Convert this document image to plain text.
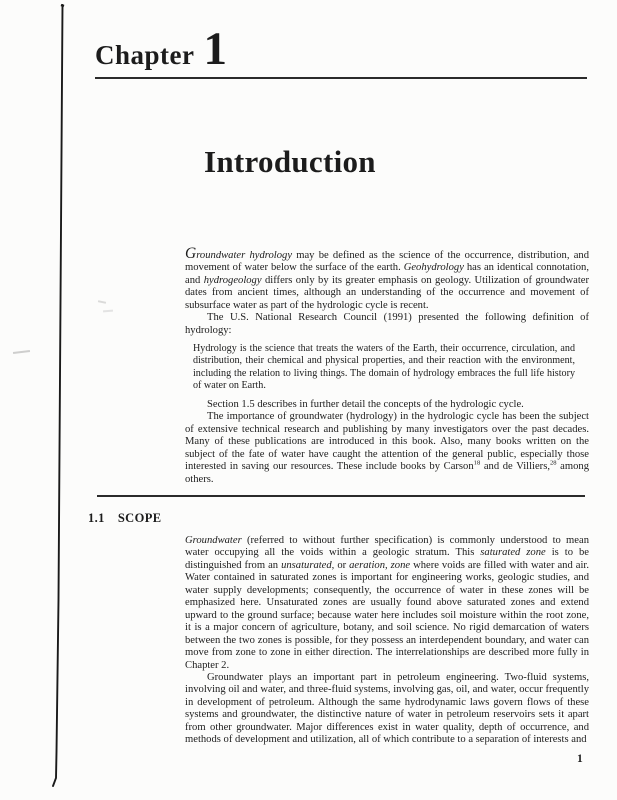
Chapter 1
Introduction

Groundwater hydrology may be defined as the science of the occurrence, distribution, and movement of water below the surface of the earth. Geohydrology has an identical connotation, and hydrogeology differs only by its greater emphasis on geology. Utilization of groundwater dates from ancient times, although an understanding of the occurrence and movement of subsurface water as part of the hydrologic cycle is recent.

The U.S. National Research Council (1991) presented the following definition of hydrology:

Hydrology is the science that treats the waters of the Earth, their occurrence, circulation, and distribution, their chemical and physical properties, and their reaction with the environment, including the relation to living things. The domain of hydrology embraces the full life history of water on Earth.

Section 1.5 describes in further detail the concepts of the hydrologic cycle.

The importance of groundwater (hydrology) in the hydrologic cycle has been the subject of extensive technical research and publishing by many investigators over the past decades. Many of these publications are introduced in this book. Also, many books written on the subject of the fate of water have caught the attention of the general public, especially those interested in saving our resources. These include books by Carson$^{18}$ and de Villiers,$^{28}$ among others.

1.1 SCOPE

Groundwater (referred to without further specification) is commonly understood to mean water occupying all the voids within a geologic stratum. This saturated zone is to be distinguished from an unsaturated, or aeration, zone where voids are filled with water and air. Water contained in saturated zones is important for engineering works, geologic studies, and water supply developments; consequently, the occurrence of water in these zones will be emphasized here. Unsaturated zones are usually found above saturated zones and extend upward to the ground surface; because water here includes soil moisture within the root zone, it is a major concern of agriculture, botany, and soil science. No rigid demarcation of waters between the two zones is possible, for they possess an interdependent boundary, and water can move from zone to zone in either direction. The interrelationships are described more fully in Chapter 2.

Groundwater plays an important part in petroleum engineering. Two-fluid systems, involving oil and water, and three-fluid systems, involving gas, oil, and water, occur frequently in development of petroleum. Although the same hydrodynamic laws govern flows of these systems and groundwater, the distinctive nature of water in petroleum reservoirs sets it apart from other groundwater. Major differences exist in water quality, depth of occurrence, and methods of development and utilization, all of which contribute to a separation of interests and

1
